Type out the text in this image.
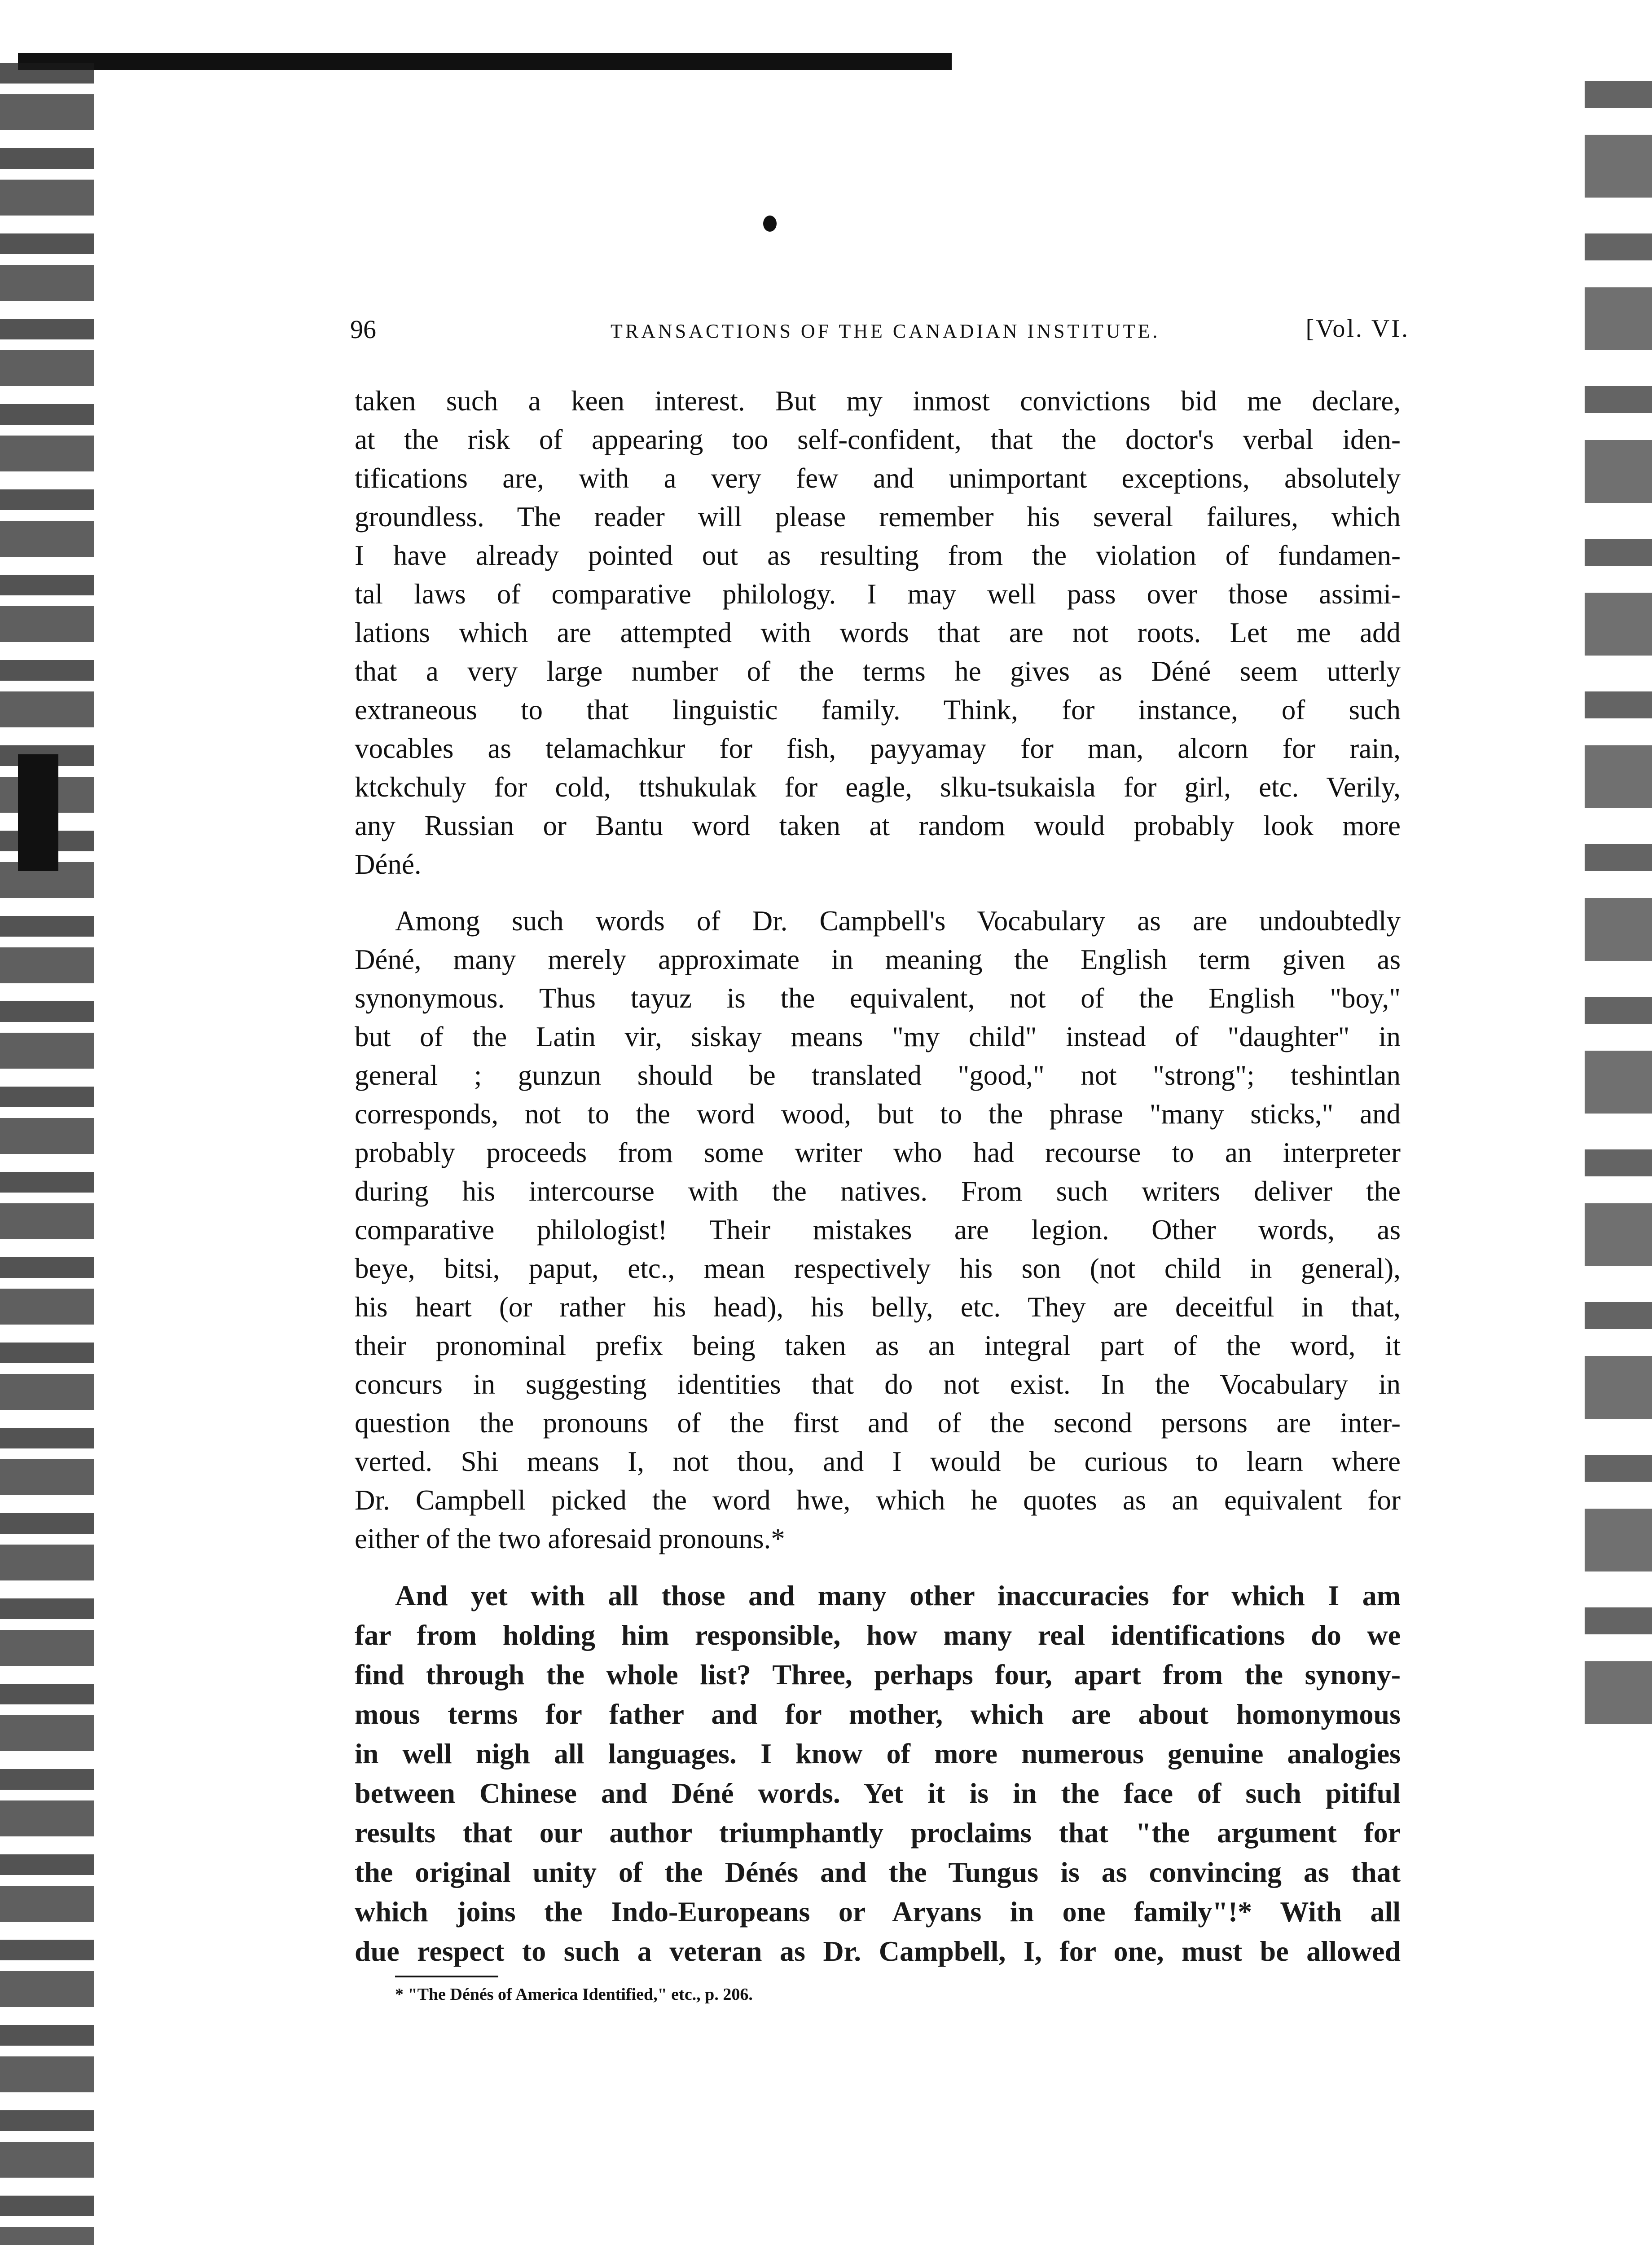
96	TRANSACTIONS OF THE CANADIAN INSTITUTE.	[Vol. VI.
taken such a keen interest. But my inmost convictions bid me declare,
at the risk of appearing too self-confident, that the doctor's verbal iden-
tifications are, with a very few and unimportant exceptions, absolutely
groundless. The reader will please remember his several failures, which
I have already pointed out as resulting from the violation of fundamen-
tal laws of comparative philology. I may well pass over those assimi-
lations which are attempted with words that are not roots. Let me add
that a very large number of the terms he gives as Déné seem utterly
extraneous to that linguistic family. Think, for instance, of such
vocables as telamachkur for fish, payyamay for man, alcorn for rain,
ktckchuly for cold, ttshukulak for eagle, slku-tsukaisla for girl, etc. Verily,
any Russian or Bantu word taken at random would probably look more
Déné.
Among such words of Dr. Campbell's Vocabulary as are undoubtedly
Déné, many merely approximate in meaning the English term given as
synonymous. Thus tayuz is the equivalent, not of the English "boy,"
but of the Latin vir, siskay means "my child" instead of "daughter" in
general ; gunzun should be translated "good," not "strong"; teshintlan
corresponds, not to the word wood, but to the phrase "many sticks," and
probably proceeds from some writer who had recourse to an interpreter
during his intercourse with the natives. From such writers deliver the
comparative philologist! Their mistakes are legion. Other words, as
beye, bitsi, paput, etc., mean respectively his son (not child in general),
his heart (or rather his head), his belly, etc. They are deceitful in that,
their pronominal prefix being taken as an integral part of the word, it
concurs in suggesting identities that do not exist. In the Vocabulary in
question the pronouns of the first and of the second persons are inter-
verted. Shi means I, not thou, and I would be curious to learn where
Dr. Campbell picked the word hwe, which he quotes as an equivalent for
either of the two aforesaid pronouns.*
And yet with all those and many other inaccuracies for which I am
far from holding him responsible, how many real identifications do we
find through the whole list? Three, perhaps four, apart from the synony-
mous terms for father and for mother, which are about homonymous
in well nigh all languages. I know of more numerous genuine analogies
between Chinese and Déné words. Yet it is in the face of such pitiful
results that our author triumphantly proclaims that "the argument for
the original unity of the Dénés and the Tungus is as convincing as that
which joins the Indo-Europeans or Aryans in one family"!* With all
due respect to such a veteran as Dr. Campbell, I, for one, must be allowed
* "The Dénés of America Identified," etc., p. 206.
